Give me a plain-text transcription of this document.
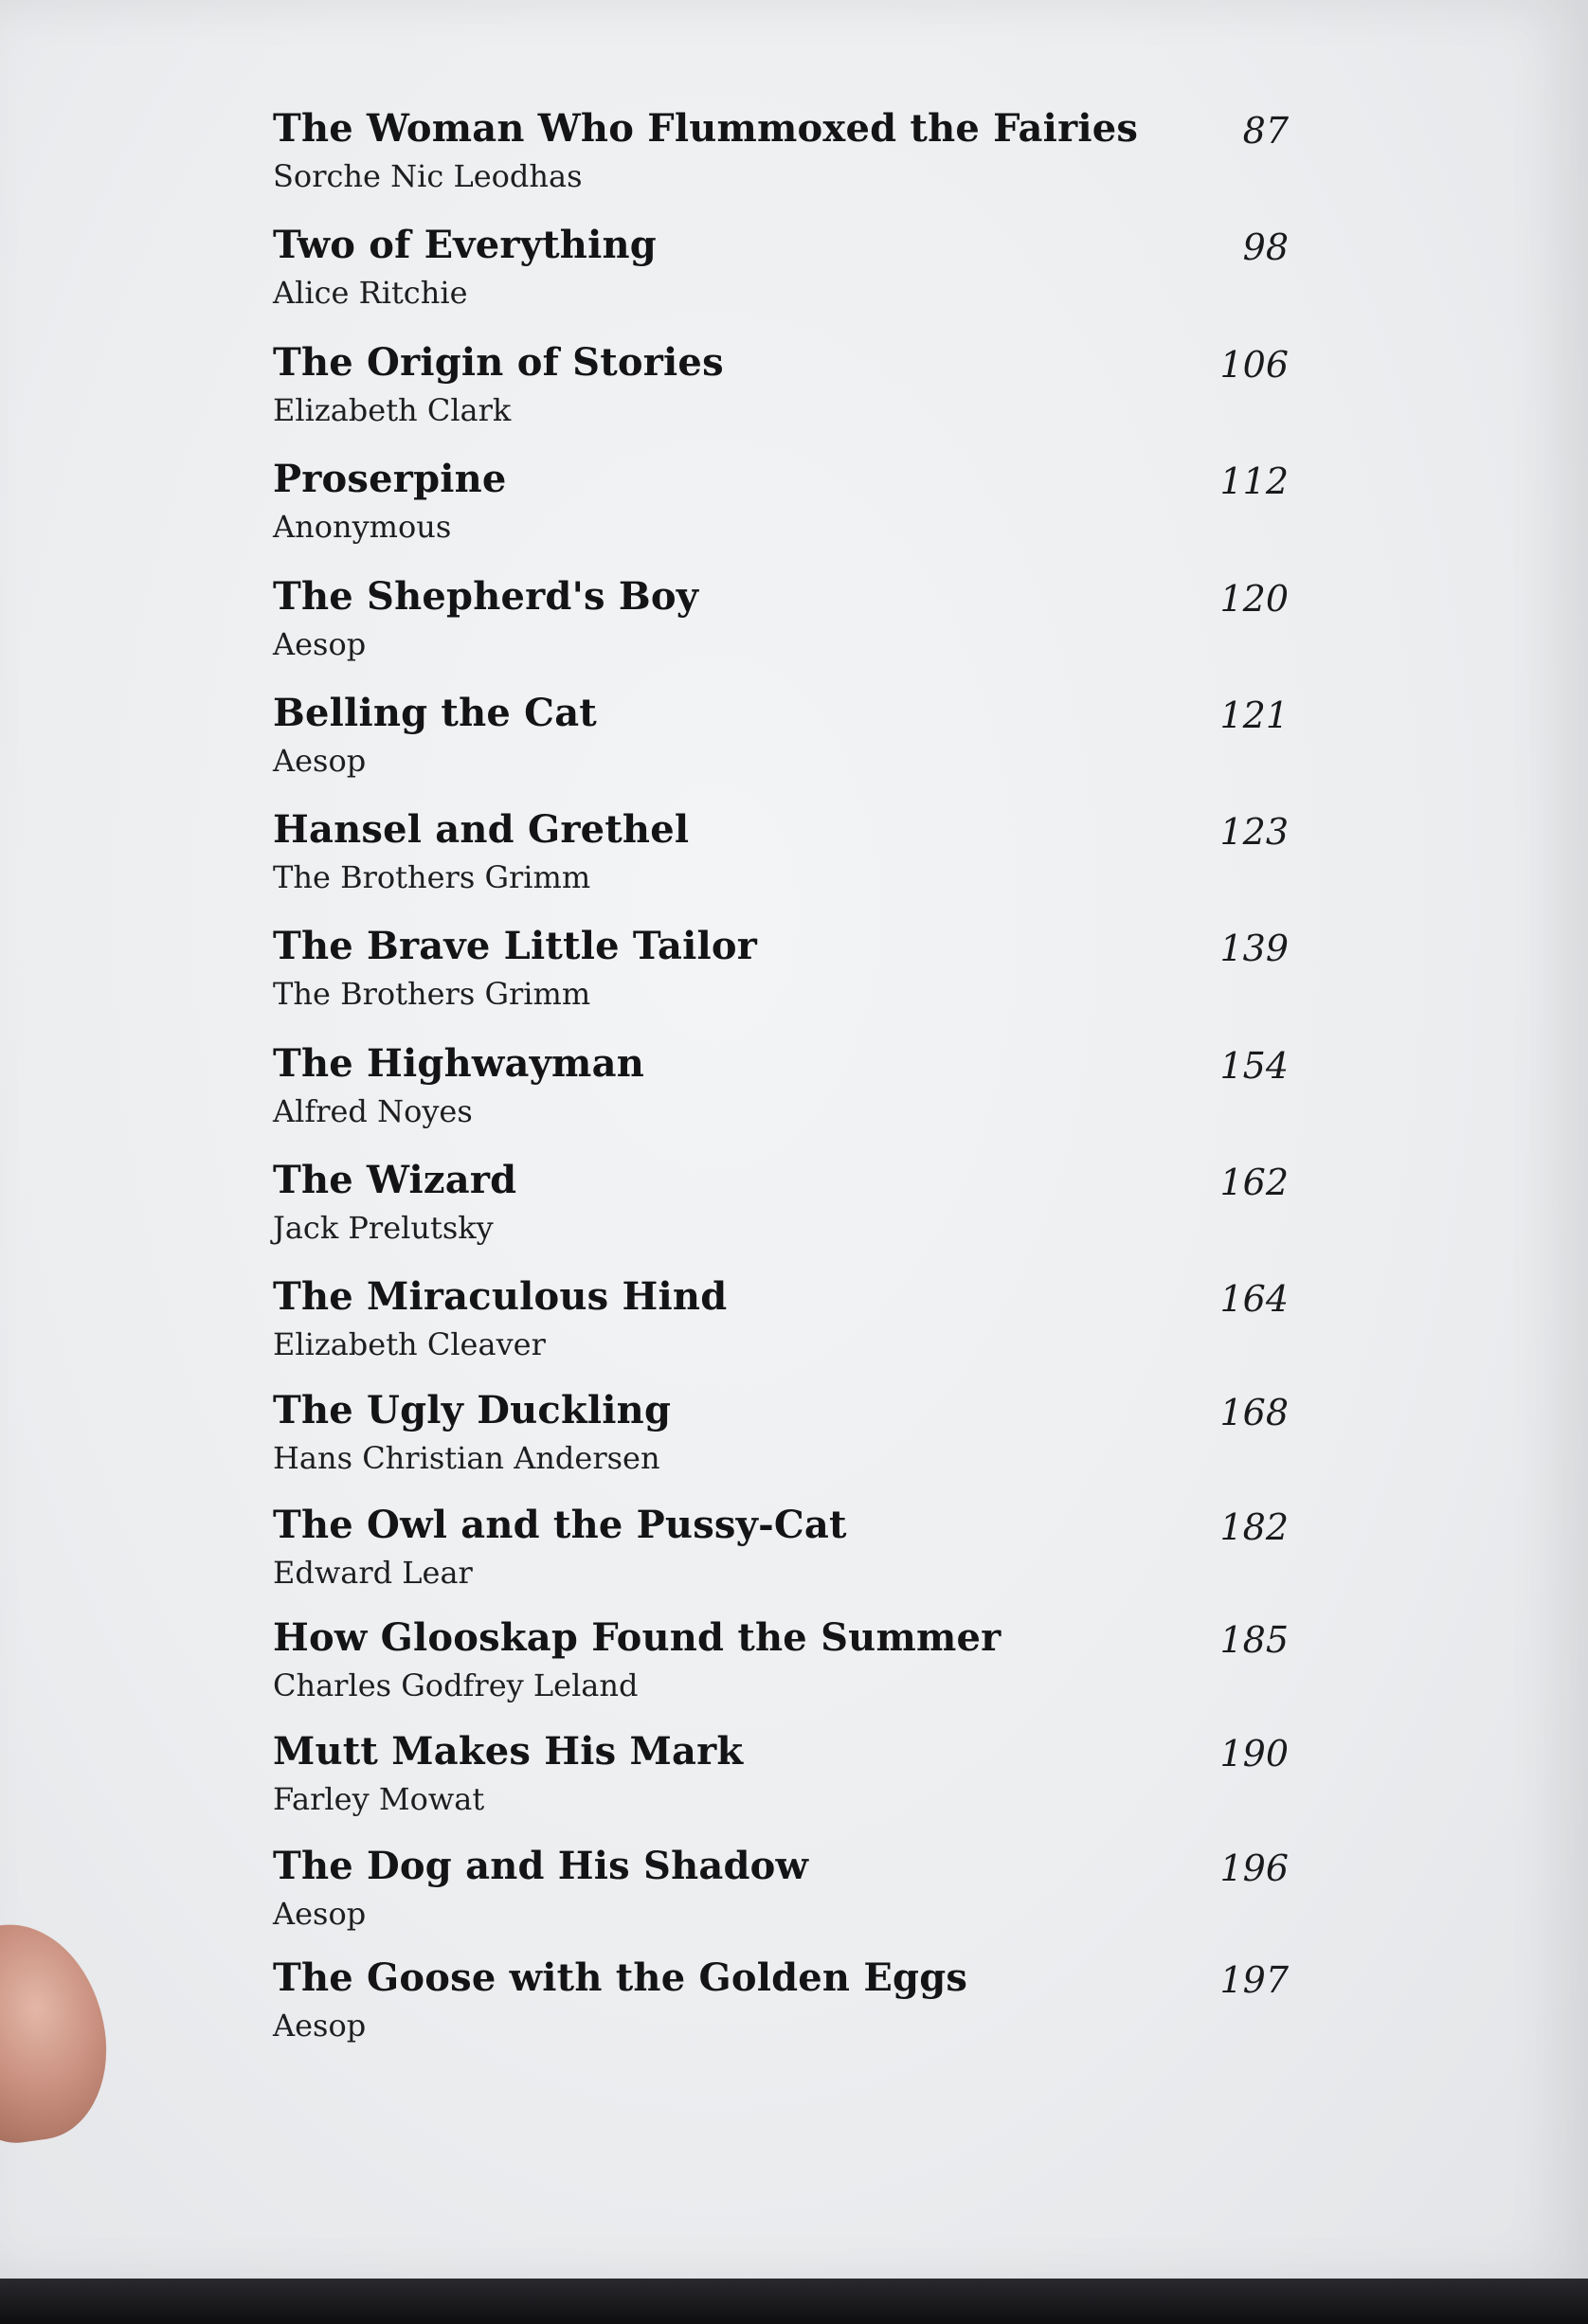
The Woman Who Flummoxed the Fairies
Sorche Nic Leodhas
87
Two of Everything
Alice Ritchie
98
The Origin of Stories
Elizabeth Clark
106
Proserpine
Anonymous
112
The Shepherd's Boy
Aesop
120
Belling the Cat
Aesop
121
Hansel and Grethel
The Brothers Grimm
123
The Brave Little Tailor
The Brothers Grimm
139
The Highwayman
Alfred Noyes
154
The Wizard
Jack Prelutsky
162
The Miraculous Hind
Elizabeth Cleaver
164
The Ugly Duckling
Hans Christian Andersen
168
The Owl and the Pussy-Cat
Edward Lear
182
How Glooskap Found the Summer
Charles Godfrey Leland
185
Mutt Makes His Mark
Farley Mowat
190
The Dog and His Shadow
Aesop
196
The Goose with the Golden Eggs
Aesop
197
